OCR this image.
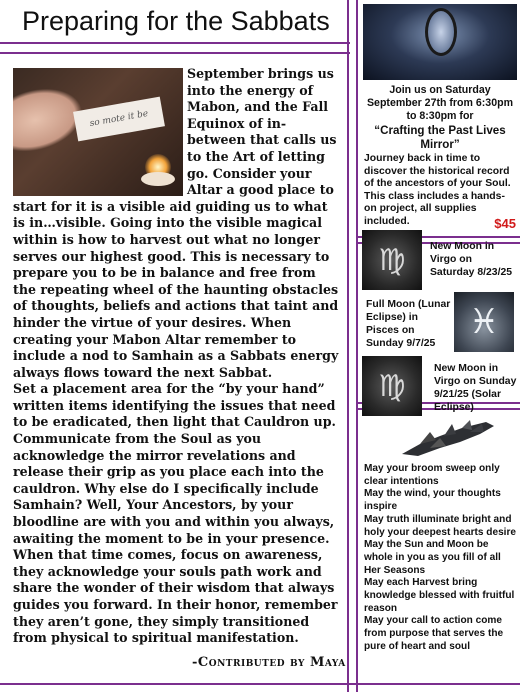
Preparing for the Sabbats
so mote it be

September brings us into the energy of Mabon, and the Fall Equinox of in-between that calls us to the Art of letting go. Consider your Altar a good place to start for it is a visible aid guiding us to what is in…visible. Going into the visible magical within is how to harvest out what no longer serves our highest good. This is necessary to prepare you to be in balance and free from the repeating wheel of the haunting obstacles of thoughts, beliefs and actions that taint and hinder the virtue of your desires. When creating your Mabon Altar remember to include a nod to Samhain as a Sabbats energy always flows toward the next Sabbat.

Set a placement area for the “by your hand” written items identifying the issues that need to be eradicated, then light that Cauldron up. Communicate from the Soul as you acknowledge the mirror revelations and release their grip as you place each into the cauldron. Why else do I specifically include Samhain? Well, Your Ancestors, by your bloodline are with you and within you always, awaiting the moment to be in your presence. When that time comes, focus on awareness, they acknowledge your souls path work and share the wonder of their wisdom that always guides you forward. In their honor, remember they aren’t gone, they simply transitioned from physical to spiritual manifestation.

-Contributed by Maya
Join us on Saturday September 27th from 6:30pm to 8:30pm for
“Crafting the Past Lives Mirror”
Journey back in time to discover the historical record of the ancestors of your Soul. This class includes a hands-on project, all supplies included.	$45
♍	New Moon in Virgo on Saturday 8/23/25
♓
Full Moon (Lunar Eclipse) in Pisces on Sunday 9/7/25
♍	New Moon in Virgo on Sunday 9/21/25 (Solar Eclipse)
May your broom sweep only clear intentions
May the wind, your thoughts inspire
May truth illuminate bright and holy your deepest hearts desire
May the Sun and Moon be whole in you as you fill of all Her Seasons
May each Harvest bring knowledge blessed with fruitful reason
May your call to action come from purpose that serves the pure of heart and soul
